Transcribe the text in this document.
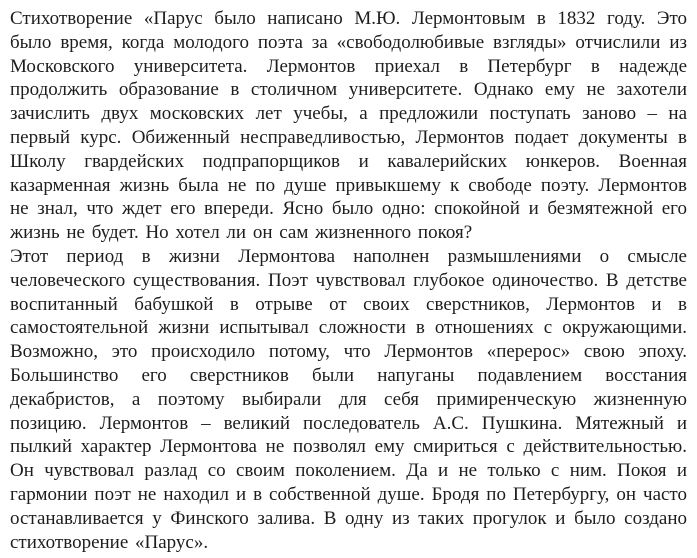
Стихотворение «Парус было написано М.Ю. Лермонтовым в 1832 году. Это было время, когда молодого поэта за «свободолюбивые взгляды» отчислили из Московского университета. Лермонтов приехал в Петербург в надежде продолжить образование в столичном университете. Однако ему не захотели зачислить двух московских лет учебы, а предложили поступать заново – на первый курс. Обиженный несправедливостью, Лермонтов подает документы в Школу гвардейских подпрапорщиков и кавалерийских юнкеров. Военная казарменная жизнь была не по душе привыкшему к свободе поэту. Лермонтов не знал, что ждет его впереди. Ясно было одно: спокойной и безмятежной его жизнь не будет. Но хотел ли он сам жизненного покоя?

Этот период в жизни Лермонтова наполнен размышлениями о смысле человеческого существования. Поэт чувствовал глубокое одиночество. В детстве воспитанный бабушкой в отрыве от своих сверстников, Лермонтов и в самостоятельной жизни испытывал сложности в отношениях с окружающими. Возможно, это происходило потому, что Лермонтов «перерос» свою эпоху. Большинство его сверстников были напуганы подавлением восстания декабристов, а поэтому выбирали для себя примиренческую жизненную позицию. Лермонтов – великий последователь А.С. Пушкина. Мятежный и пылкий характер Лермонтова не позволял ему смириться с действительностью. Он чувствовал разлад со своим поколением. Да и не только с ним. Покоя и гармонии поэт не находил и в собственной душе. Бродя по Петербургу, он часто останавливается у Финского залива. В одну из таких прогулок и было создано стихотворение «Парус».
